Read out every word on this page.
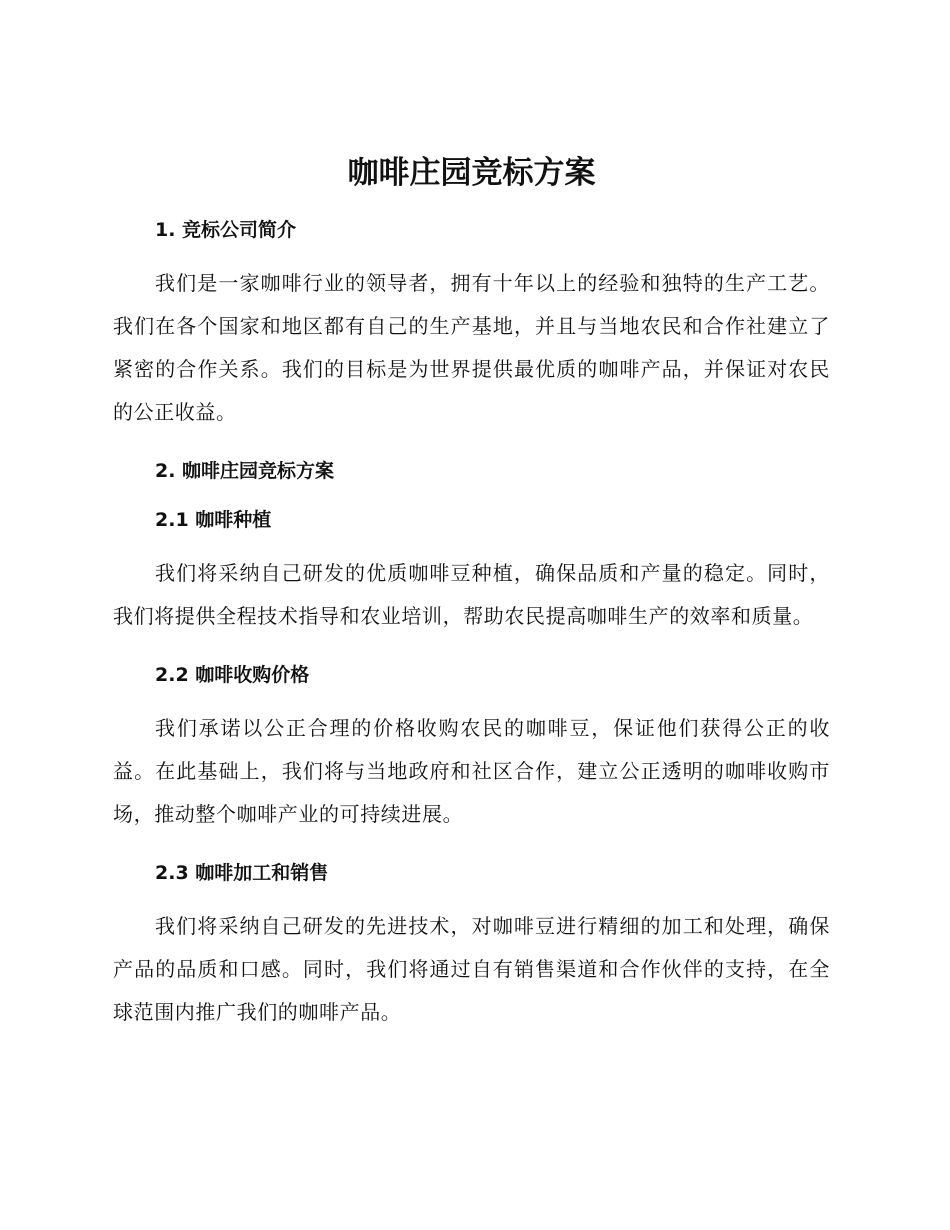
咖啡庄园竞标方案
1. 竞标公司简介

我们是一家咖啡行业的领导者，拥有十年以上的经验和独特的生产工艺。我们在各个国家和地区都有自己的生产基地，并且与当地农民和合作社建立了紧密的合作关系。我们的目标是为世界提供最优质的咖啡产品，并保证对农民的公正收益。

2. 咖啡庄园竞标方案
2.1 咖啡种植

我们将采纳自己研发的优质咖啡豆种植，确保品质和产量的稳定。同时，我们将提供全程技术指导和农业培训，帮助农民提高咖啡生产的效率和质量。

2.2 咖啡收购价格

我们承诺以公正合理的价格收购农民的咖啡豆，保证他们获得公正的收益。在此基础上，我们将与当地政府和社区合作，建立公正透明的咖啡收购市场，推动整个咖啡产业的可持续进展。

2.3 咖啡加工和销售

我们将采纳自己研发的先进技术，对咖啡豆进行精细的加工和处理，确保产品的品质和口感。同时，我们将通过自有销售渠道和合作伙伴的支持，在全球范围内推广我们的咖啡产品。
